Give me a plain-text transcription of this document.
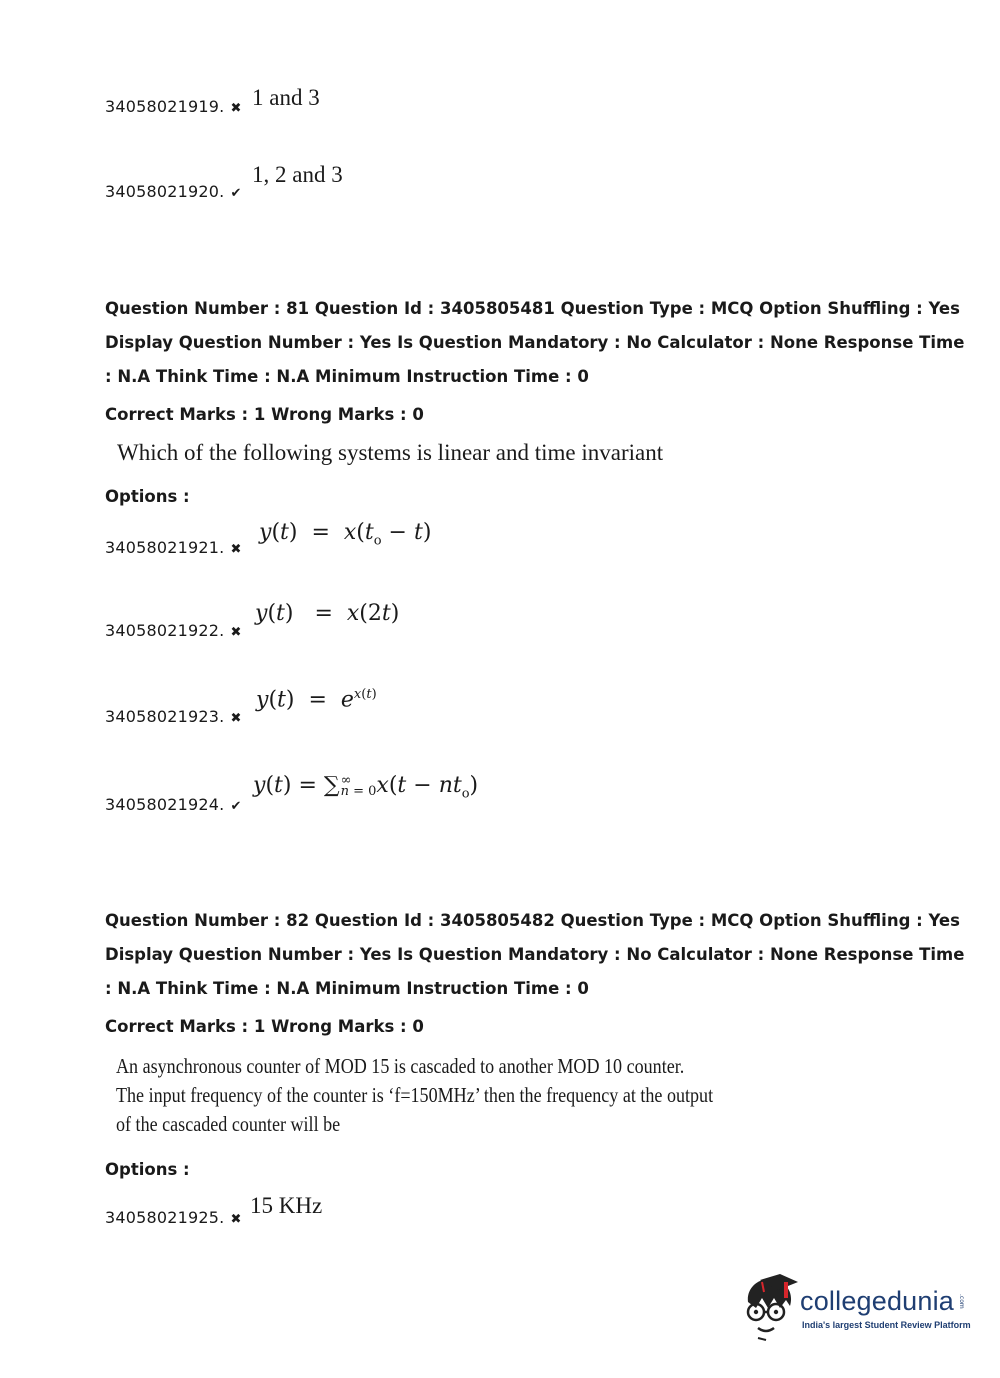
34058021919. ✖ 1 and 3
34058021920. ✔
1, 2 and 3
Question Number : 81 Question Id : 3405805481 Question Type : MCQ Option Shuffling : Yes
Display Question Number : Yes Is Question Mandatory : No Calculator : None Response Time
: N.A Think Time : N.A Minimum Instruction Time : 0
Correct Marks : 1 Wrong Marks : 0
Which of the following systems is linear and time invariant
Options :
34058021921. ✖
$y(t) = x(t_o - t)$
34058021922. ✖
y(t)   =  x(2t)
34058021923. ✖
$y(t) = e^{x(t)}$
34058021924. ✔
y(t) = ∑ ∞
n = 0 $x(t - nt_o)$
Question Number : 82 Question Id : 3405805482 Question Type : MCQ Option Shuffling : Yes
Display Question Number : Yes Is Question Mandatory : No Calculator : None Response Time
: N.A Think Time : N.A Minimum Instruction Time : 0
Correct Marks : 1 Wrong Marks : 0
An asynchronous counter of MOD 15 is cascaded to another MOD 10 counter.
The input frequency of the counter is ‘f=150MHz’ then the frequency at the output
of the cascaded counter will be
Options :
34058021925. ✖
15 KHz
collegedunia .com
India's largest Student Review Platform
